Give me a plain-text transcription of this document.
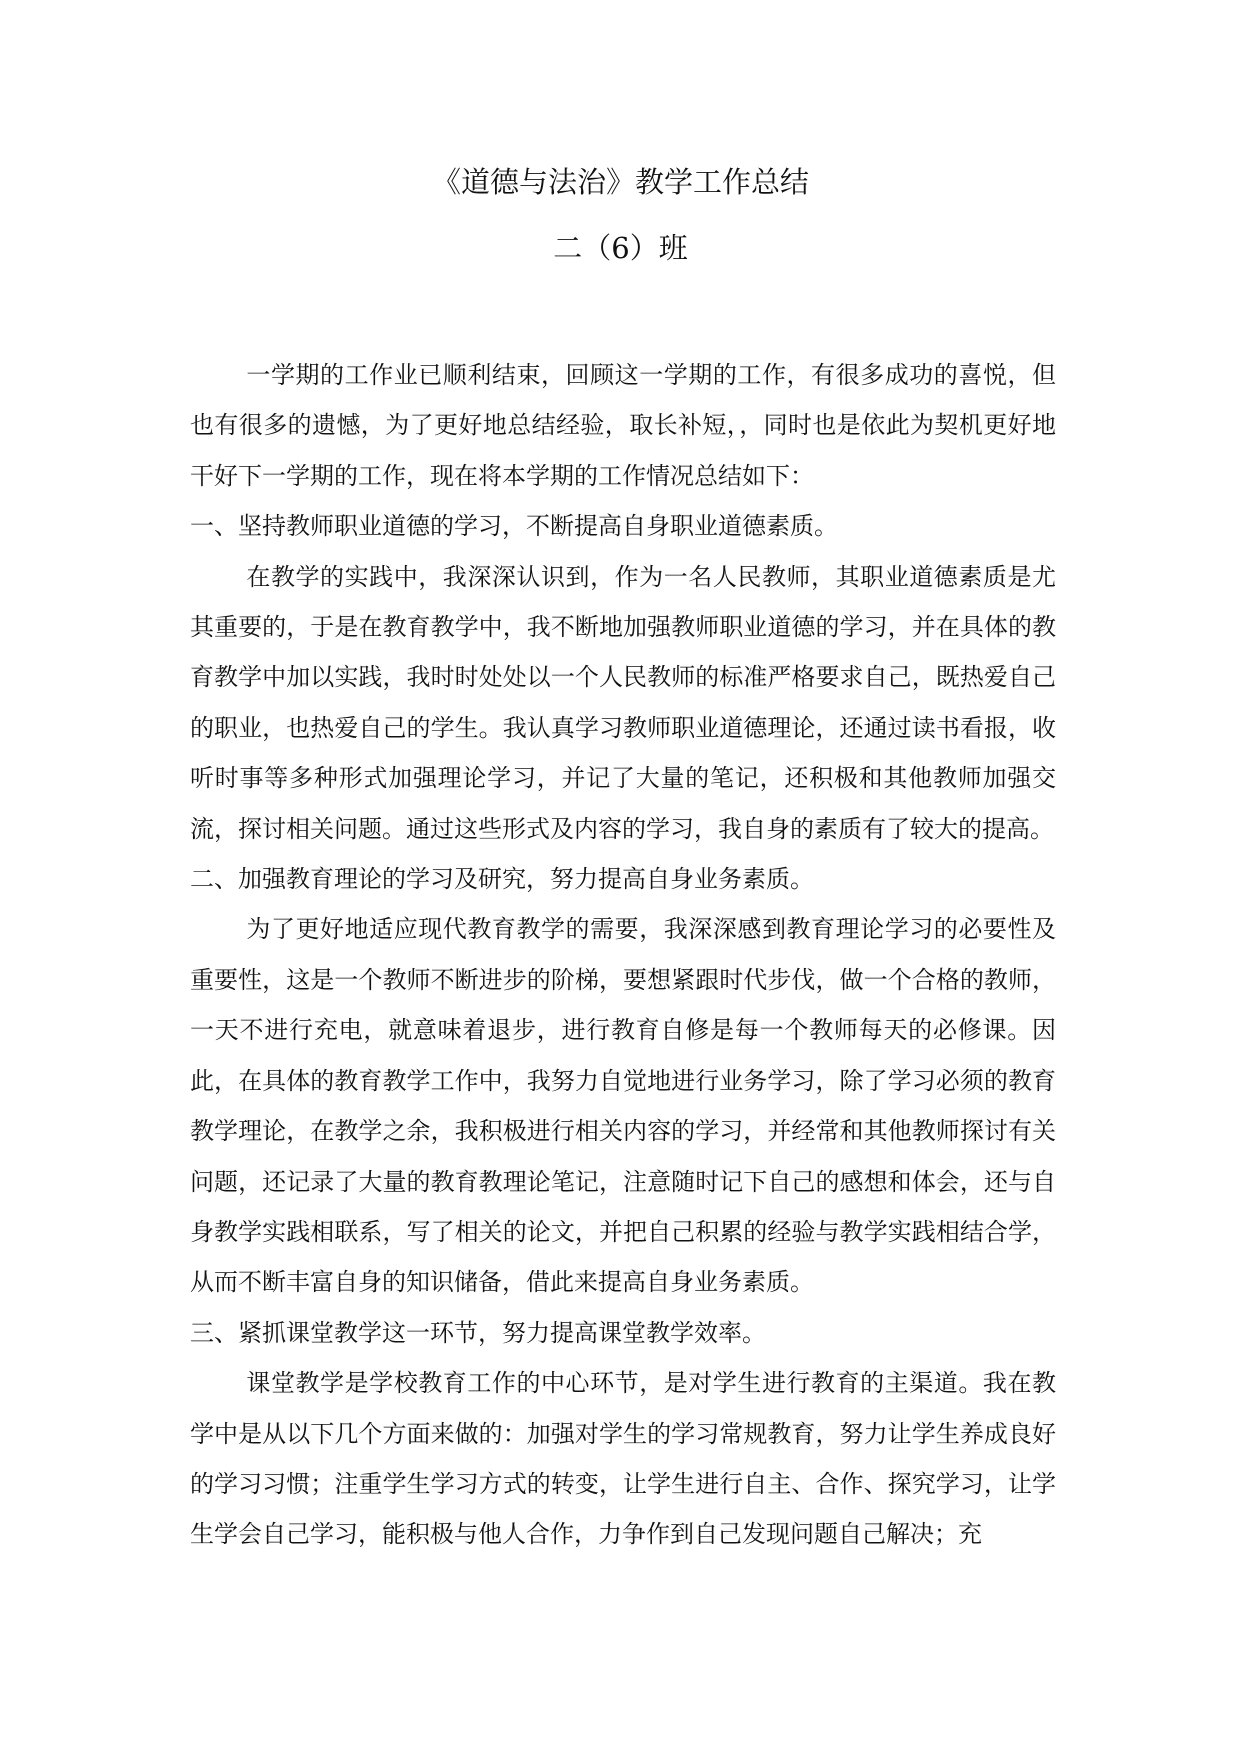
《道德与法治》教学工作总结
二（6）班

一学期的工作业已顺利结束，回顾这一学期的工作，有很多成功的喜悦，但也有很多的遗憾，为了更好地总结经验，取长补短，，同时也是依此为契机更好地干好下一学期的工作，现在将本学期的工作情况总结如下：

一、坚持教师职业道德的学习，不断提高自身职业道德素质。

在教学的实践中，我深深认识到，作为一名人民教师，其职业道德素质是尤其重要的，于是在教育教学中，我不断地加强教师职业道德的学习，并在具体的教育教学中加以实践，我时时处处以一个人民教师的标准严格要求自己，既热爱自己的职业，也热爱自己的学生。我认真学习教师职业道德理论，还通过读书看报，收听时事等多种形式加强理论学习，并记了大量的笔记，还积极和其他教师加强交流，探讨相关问题。通过这些形式及内容的学习，我自身的素质有了较大的提高。

二、加强教育理论的学习及研究，努力提高自身业务素质。

为了更好地适应现代教育教学的需要，我深深感到教育理论学习的必要性及重要性，这是一个教师不断进步的阶梯，要想紧跟时代步伐，做一个合格的教师，一天不进行充电，就意味着退步，进行教育自修是每一个教师每天的必修课。因此，在具体的教育教学工作中，我努力自觉地进行业务学习，除了学习必须的教育教学理论，在教学之余，我积极进行相关内容的学习，并经常和其他教师探讨有关问题，还记录了大量的教育教理论笔记，注意随时记下自己的感想和体会，还与自身教学实践相联系，写了相关的论文，并把自己积累的经验与教学实践相结合学，从而不断丰富自身的知识储备，借此来提高自身业务素质。

三、紧抓课堂教学这一环节，努力提高课堂教学效率。

课堂教学是学校教育工作的中心环节，是对学生进行教育的主渠道。我在教学中是从以下几个方面来做的：加强对学生的学习常规教育，努力让学生养成良好的学习习惯；注重学生学习方式的转变，让学生进行自主、合作、探究学习，让学生学会自己学习，能积极与他人合作，力争作到自己发现问题自己解决；充
